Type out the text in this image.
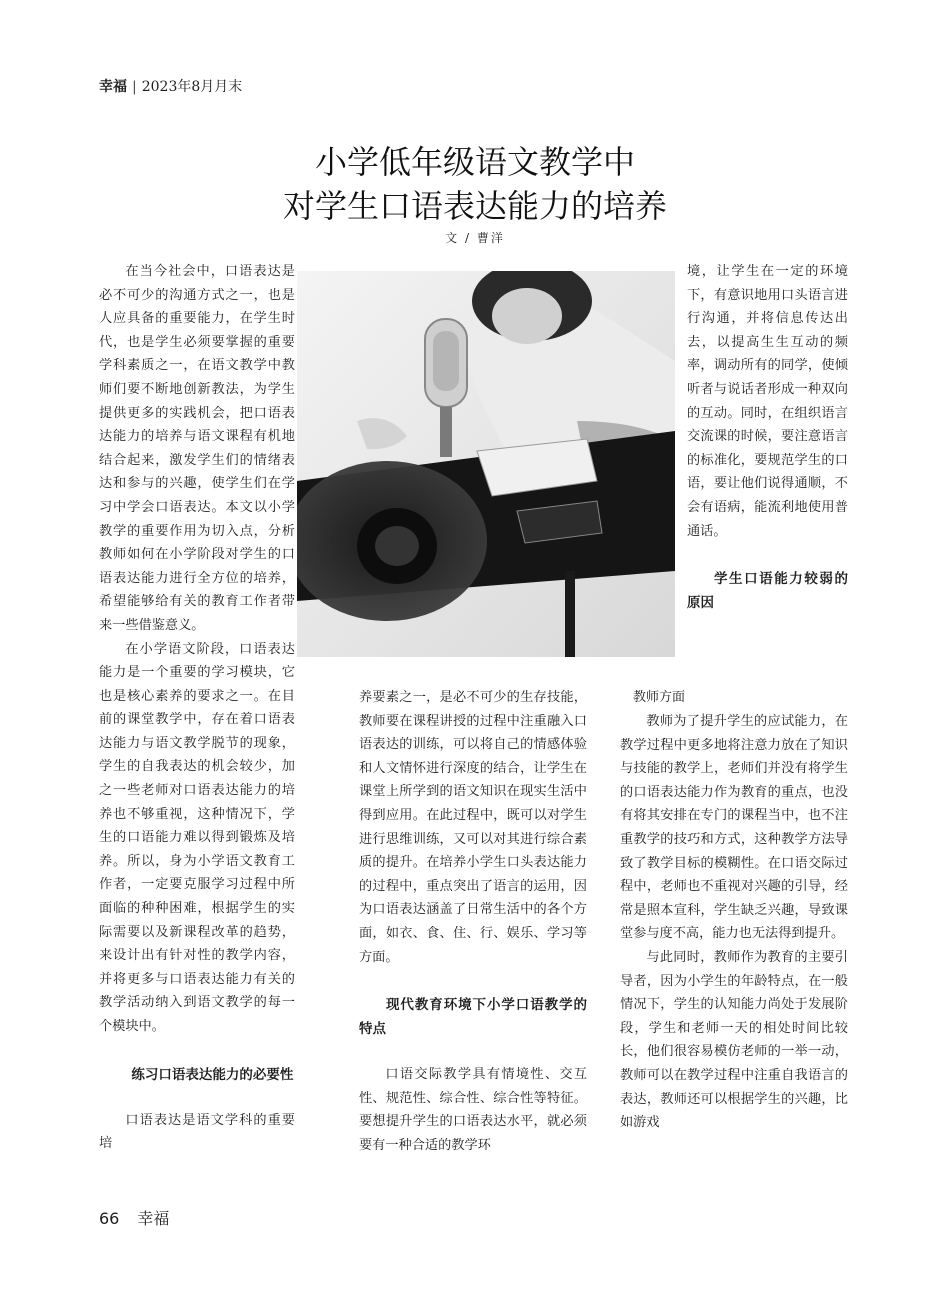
幸福 | 2023年8月月末
小学低年级语文教学中
对学生口语表达能力的培养
文 / 曹洋

在当今社会中，口语表达是必不可少的沟通方式之一，也是人应具备的重要能力，在学生时代，也是学生必须要掌握的重要学科素质之一，在语文教学中教师们要不断地创新教法，为学生提供更多的实践机会，把口语表达能力的培养与语文课程有机地结合起来，激发学生们的情绪表达和参与的兴趣，使学生们在学习中学会口语表达。本文以小学教学的重要作用为切入点，分析教师如何在小学阶段对学生的口语表达能力进行全方位的培养，希望能够给有关的教育工作者带来一些借鉴意义。

在小学语文阶段，口语表达能力是一个重要的学习模块，它也是核心素养的要求之一。在目前的课堂教学中，存在着口语表达能力与语文教学脱节的现象，学生的自我表达的机会较少，加之一些老师对口语表达能力的培养也不够重视，这种情况下，学生的口语能力难以得到锻炼及培养。所以，身为小学语文教育工作者，一定要克服学习过程中所面临的种种困难，根据学生的实际需要以及新课程改革的趋势，来设计出有针对性的教学内容，并将更多与口语表达能力有关的教学活动纳入到语文教学的每一个模块中。

练习口语表达能力的必要性

口语表达是语文学科的重要培

养要素之一，是必不可少的生存技能，教师要在课程讲授的过程中注重融入口语表达的训练，可以将自己的情感体验和人文情怀进行深度的结合，让学生在课堂上所学到的语文知识在现实生活中得到应用。在此过程中，既可以对学生进行思维训练，又可以对其进行综合素质的提升。在培养小学生口头表达能力的过程中，重点突出了语言的运用，因为口语表达涵盖了日常生活中的各个方面，如衣、食、住、行、娱乐、学习等方面。

现代教育环境下小学口语教学的特点

口语交际教学具有情境性、交互性、规范性、综合性、综合性等特征。要想提升学生的口语表达水平，就必须要有一种合适的教学环

境，让学生在一定的环境下，有意识地用口头语言进行沟通，并将信息传达出去，以提高生生互动的频率，调动所有的同学，使倾听者与说话者形成一种双向的互动。同时，在组织语言交流课的时候，要注意语言的标准化，要规范学生的口语，要让他们说得通顺，不会有语病，能流利地使用普通话。

学生口语能力较弱的原因
教师方面

教师为了提升学生的应试能力，在教学过程中更多地将注意力放在了知识与技能的教学上，老师们并没有将学生的口语表达能力作为教育的重点，也没有将其安排在专门的课程当中，也不注重教学的技巧和方式，这种教学方法导致了教学目标的模糊性。在口语交际过程中，老师也不重视对兴趣的引导，经常是照本宣科，学生缺乏兴趣，导致课堂参与度不高，能力也无法得到提升。

与此同时，教师作为教育的主要引导者，因为小学生的年龄特点，在一般情况下，学生的认知能力尚处于发展阶段，学生和老师一天的相处时间比较长，他们很容易模仿老师的一举一动，教师可以在教学过程中注重自我语言的表达，教师还可以根据学生的兴趣，比如游戏

66 幸福
